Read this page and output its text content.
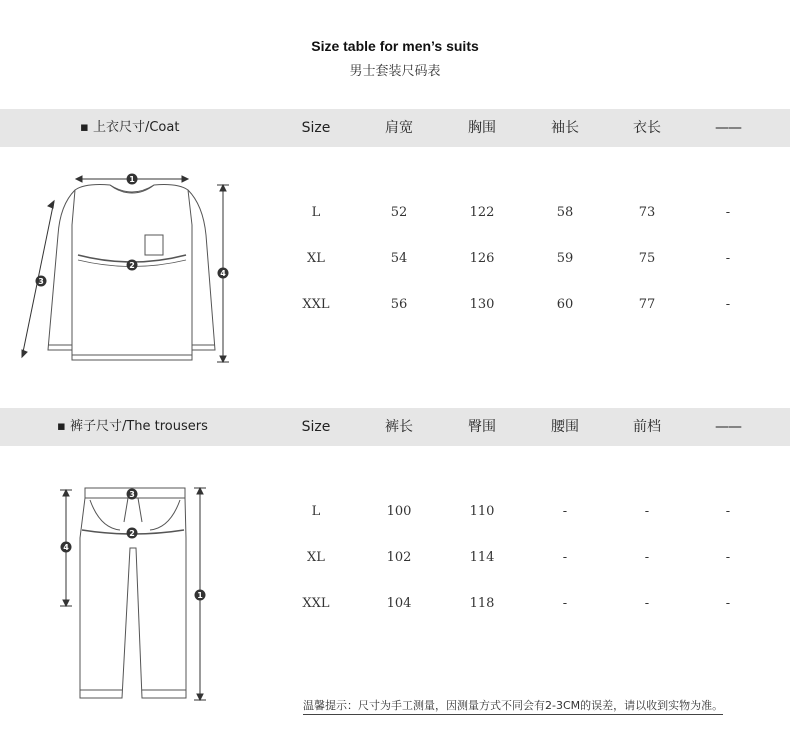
Size table for men’s suits
男士套装尺码表
▪ 上衣尺寸/Coat	Size	肩宽	胸围	袖长	衣长	——
1
2
3
4
L	52	122	58	73	-
XL	54	126	59	75	-
XXL	56	130	60	77	-
▪ 裤子尺寸/The trousers	Size	裤长	臀围	腰围	前档	——
1
2
3
4
L	100	110	-	-	-
XL	102	114	-	-	-
XXL	104	118	-	-	-
温馨提示：尺寸为手工测量，因测量方式不同会有2-3CM的误差，请以收到实物为准。
